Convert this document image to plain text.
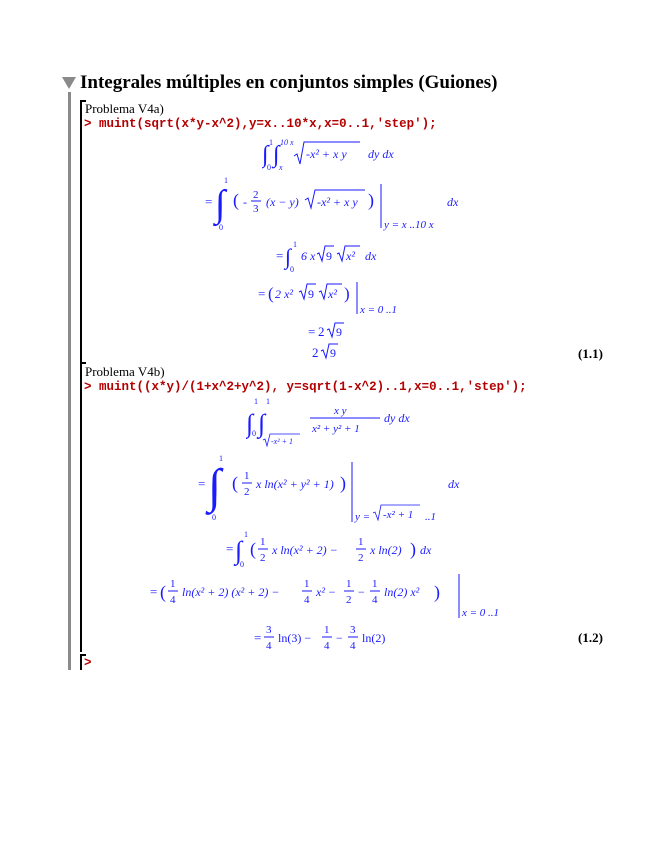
Integrales múltiples en conjuntos simples (Guiones)
Problema V4a)
> muint(sqrt(x*y-x^2),y=x..10*x,x=0..1,'step');
∫ 1
0 ∫ 10 x
x
-x² + x y dy dx
= ∫
1
0
( - 2
3 (x − y) -x² + x y )
y = x ..10 x
dx
= ∫ 1
0
6 x 9 x² dx
= ( 2 x² 9 x² )
x = 0 ..1
= 2 9
2 9	(1.1)
Problema V4b)
> muint((x*y)/(1+x^2+y^2), y=sqrt(1-x^2)..1,x=0..1,'step');
∫
1
0 ∫
1
-x² + 1
x y
x² + y² + 1
dy dx
= ∫
1
0
( 1
2
x ln(x² + y² + 1) )
y = -x² + 1 ..1
dx
= ∫
1
0
( 1
2
x ln(x² + 2) −
1
2
x ln(2) ) dx
= ( 1
4
ln(x² + 2) (x² + 2) −
1
4
x² −
1
2
−
1
4
ln(2) x² )
x = 0 ..1
= 3
4
ln(3) −
1
4
−
3
4
ln(2)	(1.2)
>
